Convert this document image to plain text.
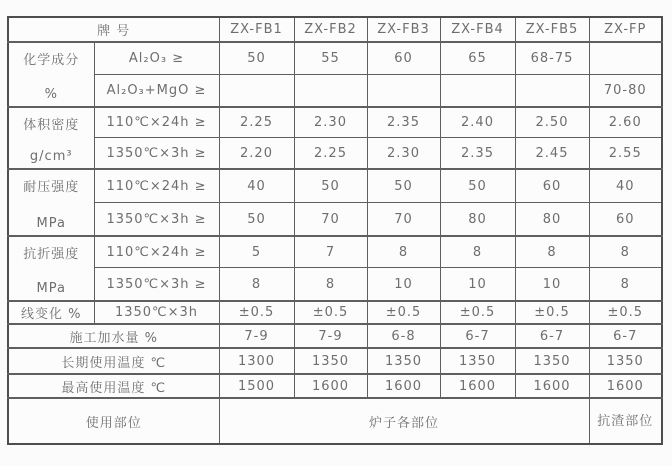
牌 号		ZX-FB1	ZX-FB2	ZX-FB3	ZX-FB4	ZX-FB5	ZX-FP

化学成分
%	Al₂O₃ ≥	50	55	60	65	68-75	
	Al₂O₃+MgO ≥						70-80

体积密度
g/cm³	110℃×24h ≥	2.25	2.30	2.35	2.40	2.50	2.60
	1350℃×3h ≥	2.20	2.25	2.30	2.35	2.45	2.55

耐压强度
MPa	110℃×24h ≥	40	50	50	50	60	40
	1350℃×3h ≥	50	70	70	80	80	60

抗折强度
MPa	110℃×24h ≥	5	7	8	8	8	8
	1350℃×3h ≥	8	8	10	10	10	8
线变化 %	1350℃×3h	±0.5	±0.5	±0.5	±0.5	±0.5	±0.5
施工加水量 %		7-9	7-9	6-8	6-7	6-7	6-7
长期使用温度 ℃		1300	1350	1350	1350	1350	1350
最高使用温度 ℃		1500	1600	1600	1600	1600	1600
使用部位		炉子各部位					抗渣部位
